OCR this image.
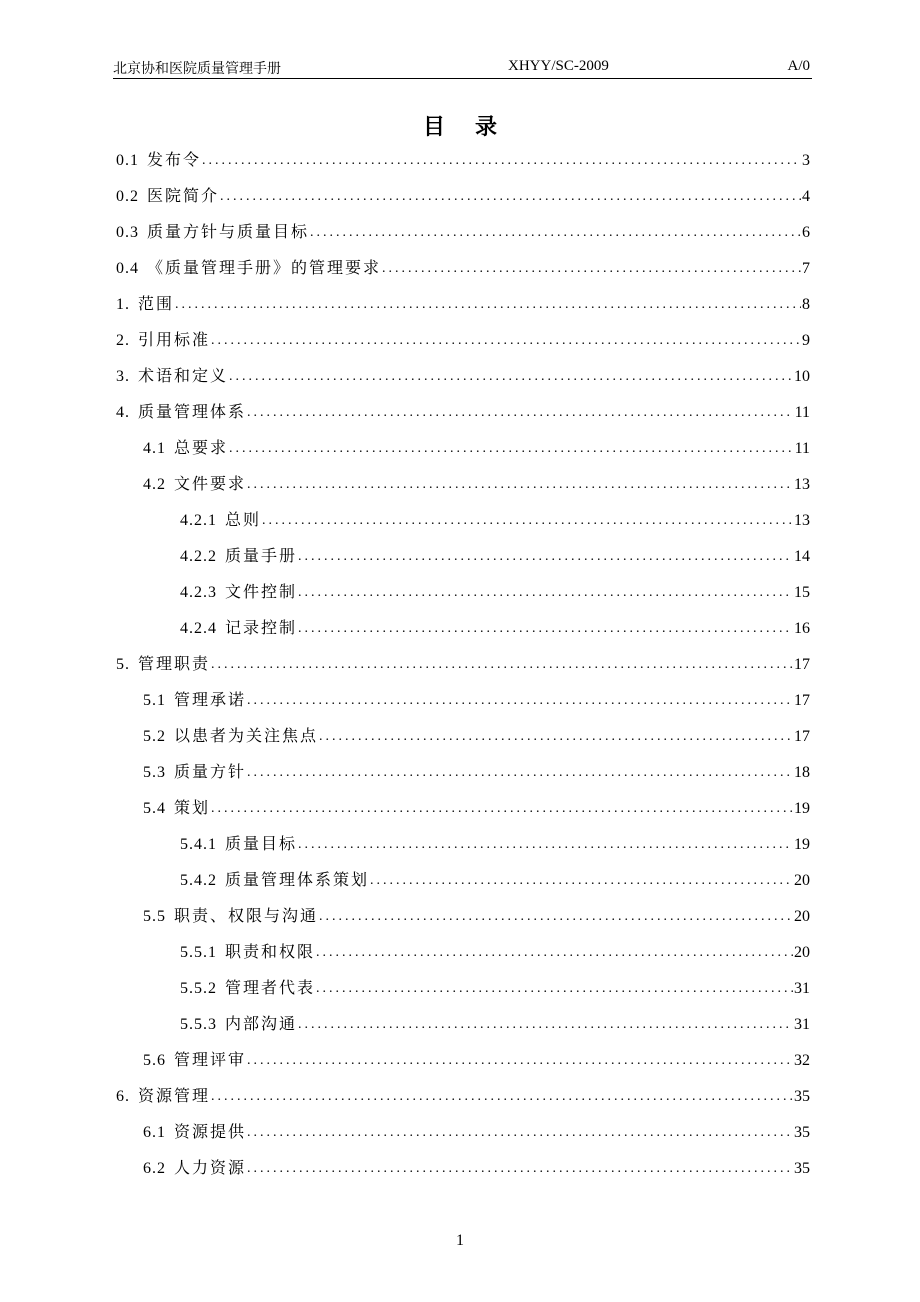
北京协和医院质量管理手册	XHYY/SC-2009	A/0
目录
0.1 发布令 .....	3
0.2 医院简介 .....	4
0.3 质量方针与质量目标 .....	6
0.4 《质量管理手册》的管理要求 .....	7
1. 范围 .....	8
2. 引用标准 .....	9
3. 术语和定义 .....	10
4. 质量管理体系 .....	11
4.1 总要求 .....	11
4.2 文件要求 .....	13
4.2.1 总则 .....	13
4.2.2 质量手册 .....	14
4.2.3 文件控制 .....	15
4.2.4 记录控制 .....	16
5. 管理职责 .....	17
5.1 管理承诺 .....	17
5.2 以患者为关注焦点 .....	17
5.3 质量方针 .....	18
5.4 策划 .....	19
5.4.1 质量目标 .....	19
5.4.2 质量管理体系策划 .....	20
5.5 职责、权限与沟通 .....	20
5.5.1 职责和权限 .....	20
5.5.2 管理者代表 .....	31
5.5.3 内部沟通 .....	31
5.6 管理评审 .....	32
6. 资源管理 .....	35
6.1 资源提供 .....	35
6.2 人力资源 .....	35
1
